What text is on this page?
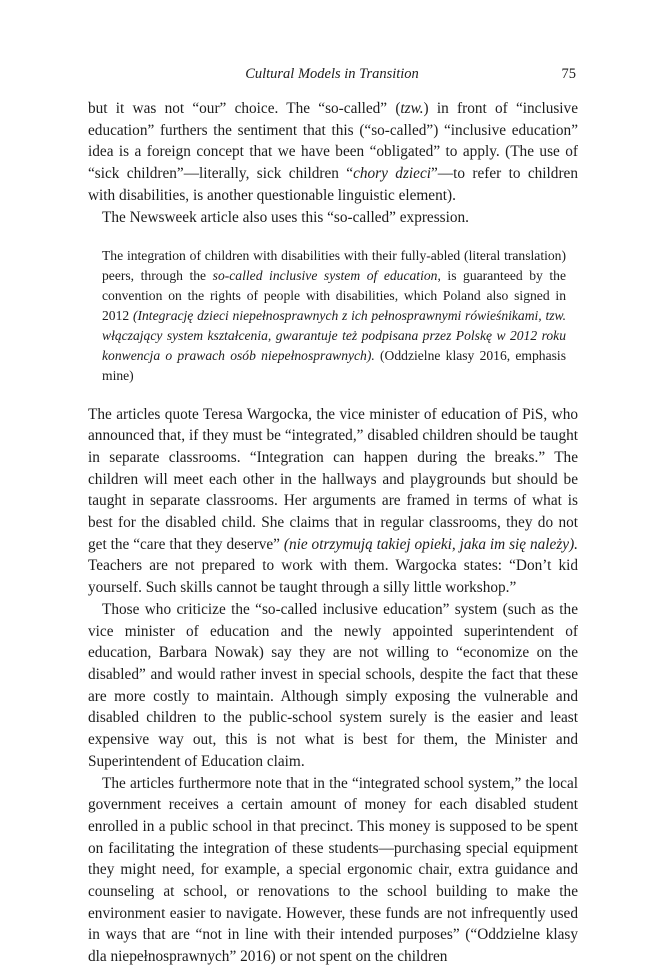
Cultural Models in Transition	75

but it was not “our” choice. The “so-called” (tzw.) in front of “inclusive education” furthers the sentiment that this (“so-called”) “inclusive education” idea is a foreign concept that we have been “obligated” to apply. (The use of “sick children”—literally, sick children “chory dzieci”—to refer to children with disabilities, is another questionable linguistic element).

The Newsweek article also uses this “so-called” expression.

The integration of children with disabilities with their fully-abled (literal translation) peers, through the so-called inclusive system of education, is guaranteed by the convention on the rights of people with disabilities, which Poland also signed in 2012 (Integrację dzieci niepełnosprawnych z ich pełnosprawnymi rówieśnikami, tzw. włączający system kształcenia, gwarantuje też podpisana przez Polskę w 2012 roku konwencja o prawach osób niepełnosprawnych). (Oddzielne klasy 2016, emphasis mine)

The articles quote Teresa Wargocka, the vice minister of education of PiS, who announced that, if they must be “integrated,” disabled children should be taught in separate classrooms. “Integration can happen during the breaks.” The children will meet each other in the hallways and playgrounds but should be taught in separate classrooms. Her arguments are framed in terms of what is best for the disabled child. She claims that in regular classrooms, they do not get the “care that they deserve” (nie otrzymują takiej opieki, jaka im się należy). Teachers are not prepared to work with them. Wargocka states: “Don’t kid yourself. Such skills cannot be taught through a silly little workshop.”

Those who criticize the “so-called inclusive education” system (such as the vice minister of education and the newly appointed superintendent of education, Barbara Nowak) say they are not willing to “economize on the disabled” and would rather invest in special schools, despite the fact that these are more costly to maintain. Although simply exposing the vulnerable and disabled children to the public-school system surely is the easier and least expensive way out, this is not what is best for them, the Minister and Superintendent of Education claim.

The articles furthermore note that in the “integrated school system,” the local government receives a certain amount of money for each disabled student enrolled in a public school in that precinct. This money is supposed to be spent on facilitating the integration of these students—purchasing special equipment they might need, for example, a special ergonomic chair, extra guidance and counseling at school, or renovations to the school building to make the environment easier to navigate. However, these funds are not infrequently used in ways that are “not in line with their intended purposes” (“Oddzielne klasy dla niepełnosprawnych” 2016) or not spent on the children
